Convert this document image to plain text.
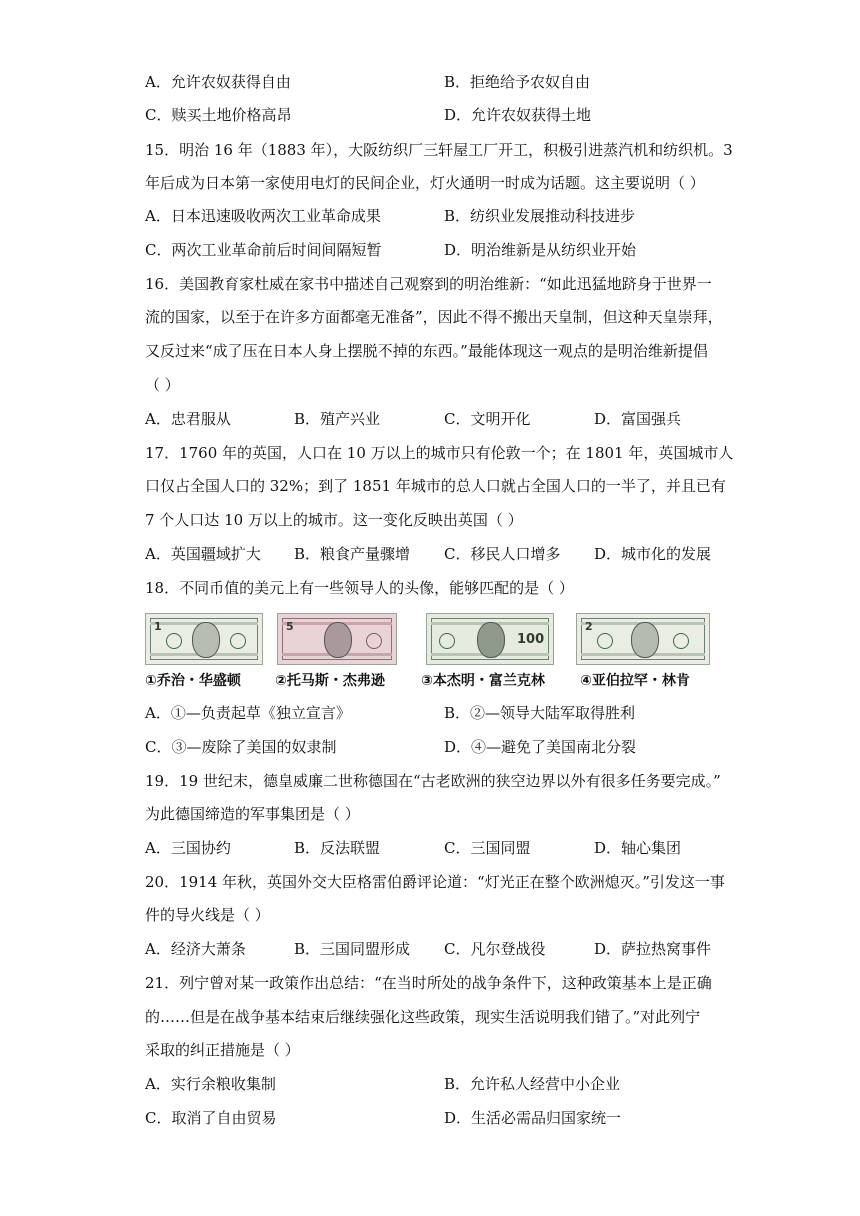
A．允许农奴获得自由	B．拒绝给予农奴自由
C．赎买土地价格高昂	D．允许农奴获得土地
15．明治 16 年（1883 年），大阪纺织厂三轩屋工厂开工，积极引进蒸汽机和纺织机。3
年后成为日本第一家使用电灯的民间企业，灯火通明一时成为话题。这主要说明（ ）
A．日本迅速吸收两次工业革命成果	B．纺织业发展推动科技进步
C．两次工业革命前后时间间隔短暂	D．明治维新是从纺织业开始
16．美国教育家杜威在家书中描述自己观察到的明治维新：“如此迅猛地跻身于世界一
流的国家，以至于在许多方面都毫无准备”，因此不得不搬出天皇制，但这种天皇崇拜，
又反过来“成了压在日本人身上摆脱不掉的东西。”最能体现这一观点的是明治维新提倡
（ ）
A．忠君服从	B．殖产兴业	C．文明开化	D．富国强兵
17．1760 年的英国，人口在 10 万以上的城市只有伦敦一个；在 1801 年，英国城市人
口仅占全国人口的 32%；到了 1851 年城市的总人口就占全国人口的一半了，并且已有
7 个人口达 10 万以上的城市。这一变化反映出英国（ ）
A．英国疆域扩大 B．粮食产量骤增 C．移民人口增多 D．城市化的发展
18．不同币值的美元上有一些领导人的头像，能够匹配的是（ ）
1	5
100
2
①乔治・华盛顿 ②托马斯・杰弗逊	③本杰明・富兰克林	④亚伯拉罕・林肯
A．①—负责起草《独立宣言》	B．②—领导大陆军取得胜利
C．③—废除了美国的奴隶制	D．④—避免了美国南北分裂
19．19 世纪末，德皇威廉二世称德国在“古老欧洲的狭空边界以外有很多任务要完成。”
为此德国缔造的军事集团是（ ）
A．三国协约	B．反法联盟	C．三国同盟	D．轴心集团
20．1914 年秋，英国外交大臣格雷伯爵评论道：“灯光正在整个欧洲熄灭。”引发这一事
件的导火线是（ ）
A．经济大萧条	B．三国同盟形成 C．凡尔登战役	D．萨拉热窝事件
21．列宁曾对某一政策作出总结：“在当时所处的战争条件下，这种政策基本上是正确
的……但是在战争基本结束后继续强化这些政策，现实生活说明我们错了。”对此列宁
采取的纠正措施是（ ）
A．实行余粮收集制	B．允许私人经营中小企业
C．取消了自由贸易	D．生活必需品归国家统一
